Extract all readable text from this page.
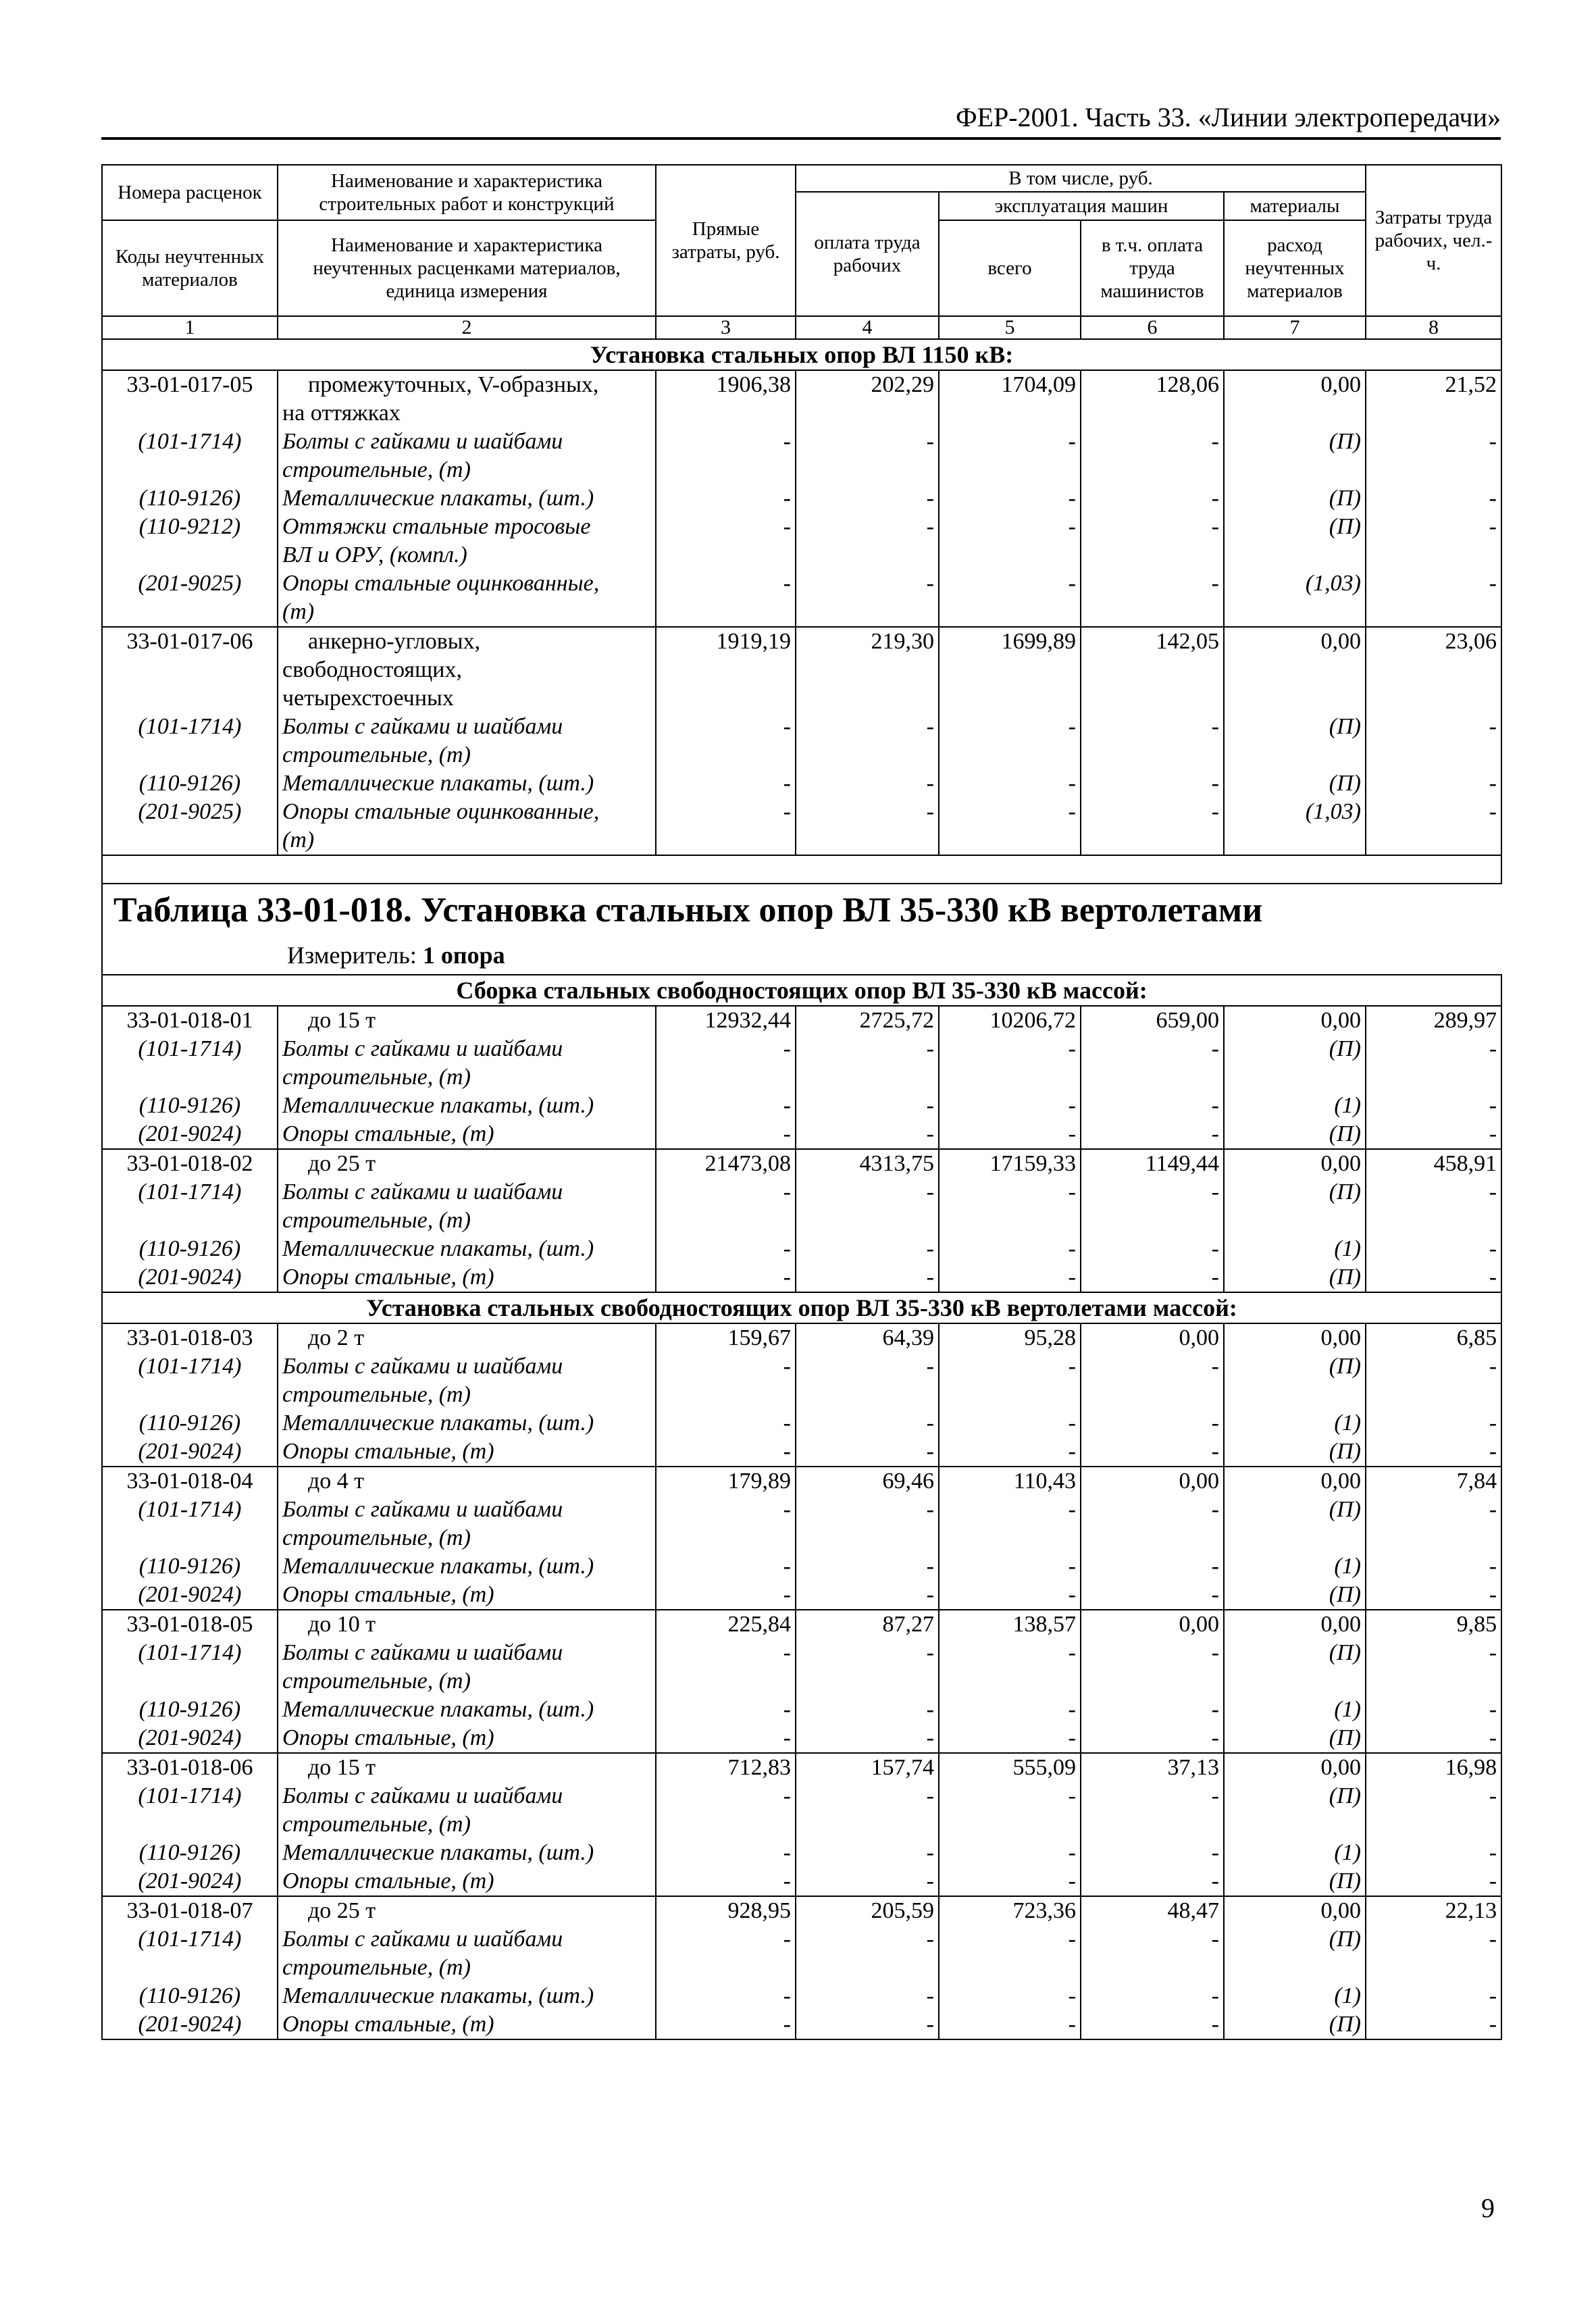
ФЕР-2001. Часть 33. «Линии электропередачи»
Номера расценок	Наименование и характеристика строительных работ и конструкций	Прямые затраты, руб.	В том числе, руб.				Затраты труда рабочих, чел.-ч.
			оплата труда рабочих	эксплуатация машин		материалы	
Коды неучтенных материалов	Наименование и характеристика неучтенных расценками материалов, единица измерения			всего	в т.ч. оплата труда машинистов	расход неучтенных материалов	

1	2	3	4	5	6	7	8
Установка стальных опор ВЛ 1150 кВ:							
33-01-017-05	промежуточных, V-образных,	1906,38	202,29	1704,09	128,06	0,00	21,52
	на оттяжках						
(101-1714)	Болты с гайками и шайбами	-	-	-	-	(П)	-
	строительные, (т)						
(110-9126)	Металлические плакаты, (шт.)	-	-	-	-	(П)	-
(110-9212)	Оттяжки стальные тросовые	-	-	-	-	(П)	-
	ВЛ и ОРУ, (компл.)						
(201-9025)	Опоры стальные оцинкованные,	-	-	-	-	(1,03)	-
	(т)						
33-01-017-06	анкерно-угловых,	1919,19	219,30	1699,89	142,05	0,00	23,06
	свободностоящих,						
	четырехстоечных						
(101-1714)	Болты с гайками и шайбами	-	-	-	-	(П)	-
	строительные, (т)						
(110-9126)	Металлические плакаты, (шт.)	-	-	-	-	(П)	-
(201-9025)	Опоры стальные оцинкованные,	-	-	-	-	(1,03)	-
	(т)						

Таблица 33-01-018. Установка стальных опор ВЛ 35-330 кВ вертолетами
Измеритель: 1 опора
Сборка стальных свободностоящих опор ВЛ 35-330 кВ массой:							
33-01-018-01	до 15 т	12932,44	2725,72	10206,72	659,00	0,00	289,97
(101-1714)	Болты с гайками и шайбами	-	-	-	-	(П)	-
	строительные, (т)						
(110-9126)	Металлические плакаты, (шт.)	-	-	-	-	(1)	-
(201-9024)	Опоры стальные, (т)	-	-	-	-	(П)	-
33-01-018-02	до 25 т	21473,08	4313,75	17159,33	1149,44	0,00	458,91
(101-1714)	Болты с гайками и шайбами	-	-	-	-	(П)	-
	строительные, (т)						
(110-9126)	Металлические плакаты, (шт.)	-	-	-	-	(1)	-
(201-9024)	Опоры стальные, (т)	-	-	-	-	(П)	-
Установка стальных свободностоящих опор ВЛ 35-330 кВ вертолетами массой:							
33-01-018-03	до 2 т	159,67	64,39	95,28	0,00	0,00	6,85
(101-1714)	Болты с гайками и шайбами	-	-	-	-	(П)	-
	строительные, (т)						
(110-9126)	Металлические плакаты, (шт.)	-	-	-	-	(1)	-
(201-9024)	Опоры стальные, (т)	-	-	-	-	(П)	-
33-01-018-04	до 4 т	179,89	69,46	110,43	0,00	0,00	7,84
(101-1714)	Болты с гайками и шайбами	-	-	-	-	(П)	-
	строительные, (т)						
(110-9126)	Металлические плакаты, (шт.)	-	-	-	-	(1)	-
(201-9024)	Опоры стальные, (т)	-	-	-	-	(П)	-
33-01-018-05	до 10 т	225,84	87,27	138,57	0,00	0,00	9,85
(101-1714)	Болты с гайками и шайбами	-	-	-	-	(П)	-
	строительные, (т)						
(110-9126)	Металлические плакаты, (шт.)	-	-	-	-	(1)	-
(201-9024)	Опоры стальные, (т)	-	-	-	-	(П)	-
33-01-018-06	до 15 т	712,83	157,74	555,09	37,13	0,00	16,98
(101-1714)	Болты с гайками и шайбами	-	-	-	-	(П)	-
	строительные, (т)						
(110-9126)	Металлические плакаты, (шт.)	-	-	-	-	(1)	-
(201-9024)	Опоры стальные, (т)	-	-	-	-	(П)	-
33-01-018-07	до 25 т	928,95	205,59	723,36	48,47	0,00	22,13
(101-1714)	Болты с гайками и шайбами	-	-	-	-	(П)	-
	строительные, (т)						
(110-9126)	Металлические плакаты, (шт.)	-	-	-	-	(1)	-
(201-9024)	Опоры стальные, (т)	-	-	-	-	(П)	-
9
